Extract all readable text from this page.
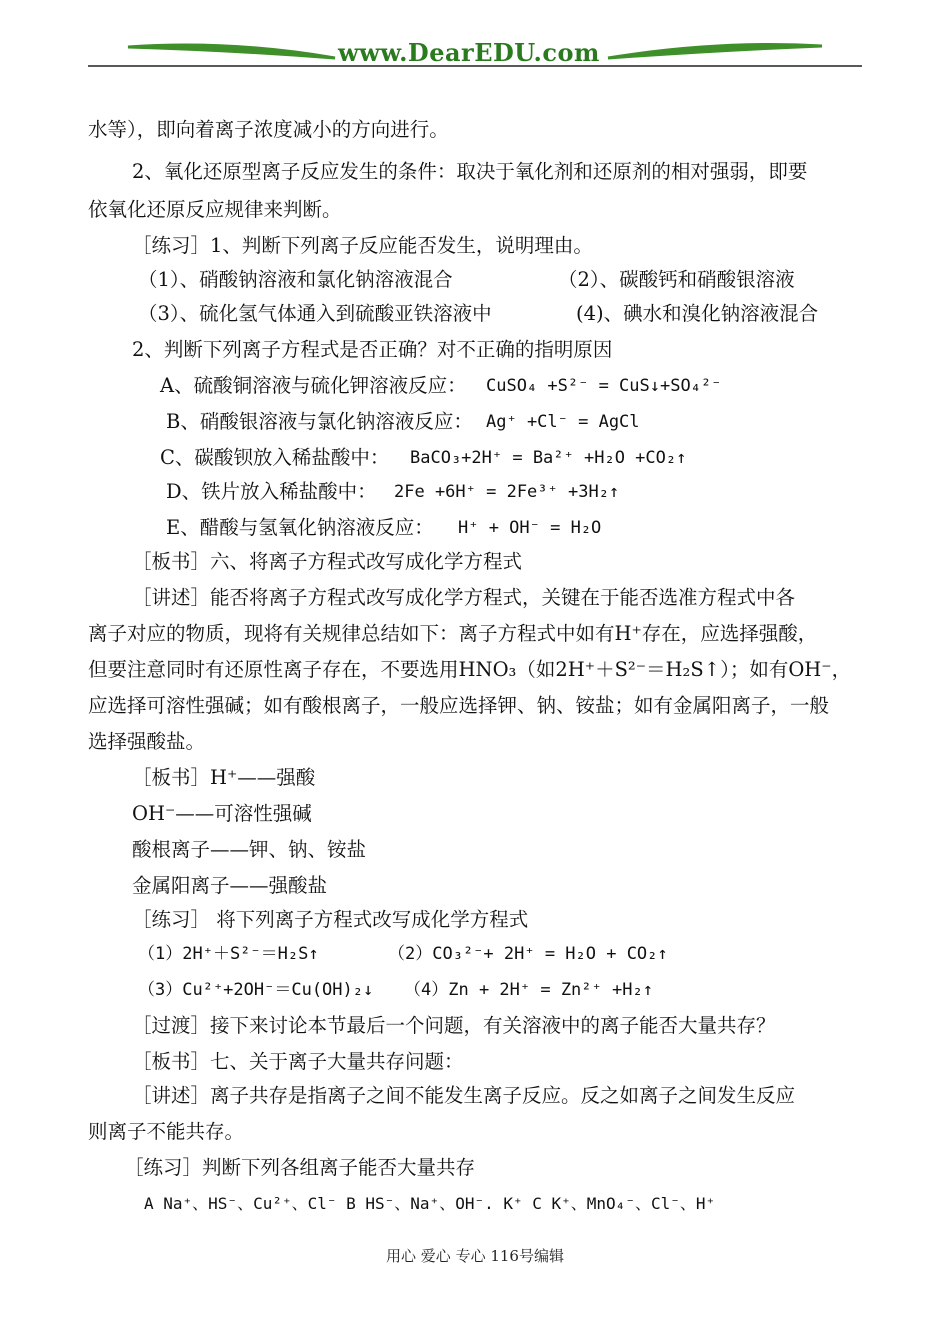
www.DearEDU.com
水等），即向着离子浓度减小的方向进行。
2、氧化还原型离子反应发生的条件：取决于氧化剂和还原剂的相对强弱，即要
依氧化还原反应规律来判断。
［练习］1、判断下列离子反应能否发生，说明理由。
（1）、硝酸钠溶液和氯化钠溶液混合	（2）、碳酸钙和硝酸银溶液
（3）、硫化氢气体通入到硫酸亚铁溶液中	(4)、碘水和溴化钠溶液混合
2、判断下列离子方程式是否正确？对不正确的指明原因
A、硫酸铜溶液与硫化钾溶液反应： CuSO₄ +S²⁻ = CuS↓+SO₄²⁻
B、硝酸银溶液与氯化钠溶液反应： Ag⁺ +Cl⁻ = AgCl
C、碳酸钡放入稀盐酸中： BaCO₃+2H⁺ = Ba²⁺ +H₂O +CO₂↑
D、铁片放入稀盐酸中： 2Fe +6H⁺ = 2Fe³⁺ +3H₂↑
E、醋酸与氢氧化钠溶液反应： H⁺ + OH⁻ = H₂O
［板书］六、将离子方程式改写成化学方程式
［讲述］能否将离子方程式改写成化学方程式，关键在于能否选准方程式中各
离子对应的物质，现将有关规律总结如下：离子方程式中如有H⁺存在，应选择强酸，
但要注意同时有还原性离子存在，不要选用HNO₃（如2H⁺＋S²⁻＝H₂S↑）；如有OH⁻，
应选择可溶性强碱；如有酸根离子，一般应选择钾、钠、铵盐；如有金属阳离子，一般
选择强酸盐。
［板书］H⁺——强酸
OH⁻——可溶性强碱
酸根离子——钾、钠、铵盐
金属阳离子——强酸盐
［练习］ 将下列离子方程式改写成化学方程式
（1）2H⁺＋S²⁻＝H₂S↑	（2）CO₃²⁻+ 2H⁺ = H₂O + CO₂↑
（3）Cu²⁺+2OH⁻＝Cu(OH)₂↓ （4）Zn + 2H⁺ = Zn²⁺ +H₂↑
［过渡］接下来讨论本节最后一个问题，有关溶液中的离子能否大量共存？
［板书］七、关于离子大量共存问题：
［讲述］离子共存是指离子之间不能发生离子反应。反之如离子之间发生反应
则离子不能共存。
［练习］判断下列各组离子能否大量共存
A Na⁺、HS⁻、Cu²⁺、Cl⁻ B HS⁻、Na⁺、OH⁻. K⁺ C K⁺、MnO₄⁻、Cl⁻、H⁺
用心 爱心 专心 116号编辑
